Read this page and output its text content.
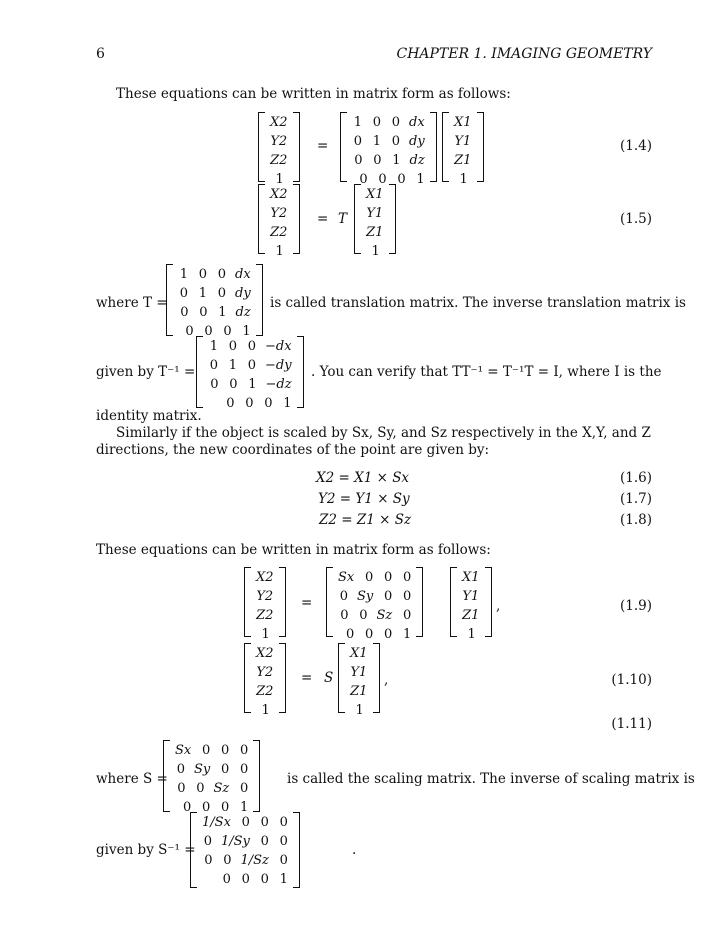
6	CHAPTER 1. IMAGING GEOMETRY
These equations can be written in matrix form as follows:
X2
Y2
Z2
1
=
1 0 0 dx
0 1 0 dy
0 0 1 dz
0 0 0 1
X1
Y1
Z1
1
(1.4)
X2
Y2
Z2
1
= T
X1
Y1
Z1
1
(1.5)
where T =
1 0 0 dx
0 1 0 dy
0 0 1 dz
0 0 0 1
is called translation matrix. The inverse translation matrix is
given by T⁻¹ =
1 0 0 −dx
0 1 0 −dy
0 0 1 −dz
0 0 0 1
. You can verify that TT⁻¹ = T⁻¹T = I, where I is the
identity matrix.
Similarly if the object is scaled by Sx, Sy, and Sz respectively in the X,Y, and Z
directions, the new coordinates of the point are given by:
X2 = X1 × Sx	(1.6)
Y2 = Y1 × Sy	(1.7)
Z2 = Z1 × Sz	(1.8)
These equations can be written in matrix form as follows:
X2
Y2
Z2
1
=
Sx 0 0 0
0 Sy 0 0
0 0 Sz 0
0 0 0 1
X1
Y1
Z1
1
,	(1.9)
X2
Y2
Z2
1
= S
X1
Y1
Z1
1
,	(1.10)
(1.11)
where S =
Sx 0 0 0
0 Sy 0 0
0 0 Sz 0
0 0 0 1
is called the scaling matrix. The inverse of scaling matrix is
given by S⁻¹ =
1/Sx 0 0 0
0 1/Sy 0 0
0 0 1/Sz 0
0 0 0 1
.
